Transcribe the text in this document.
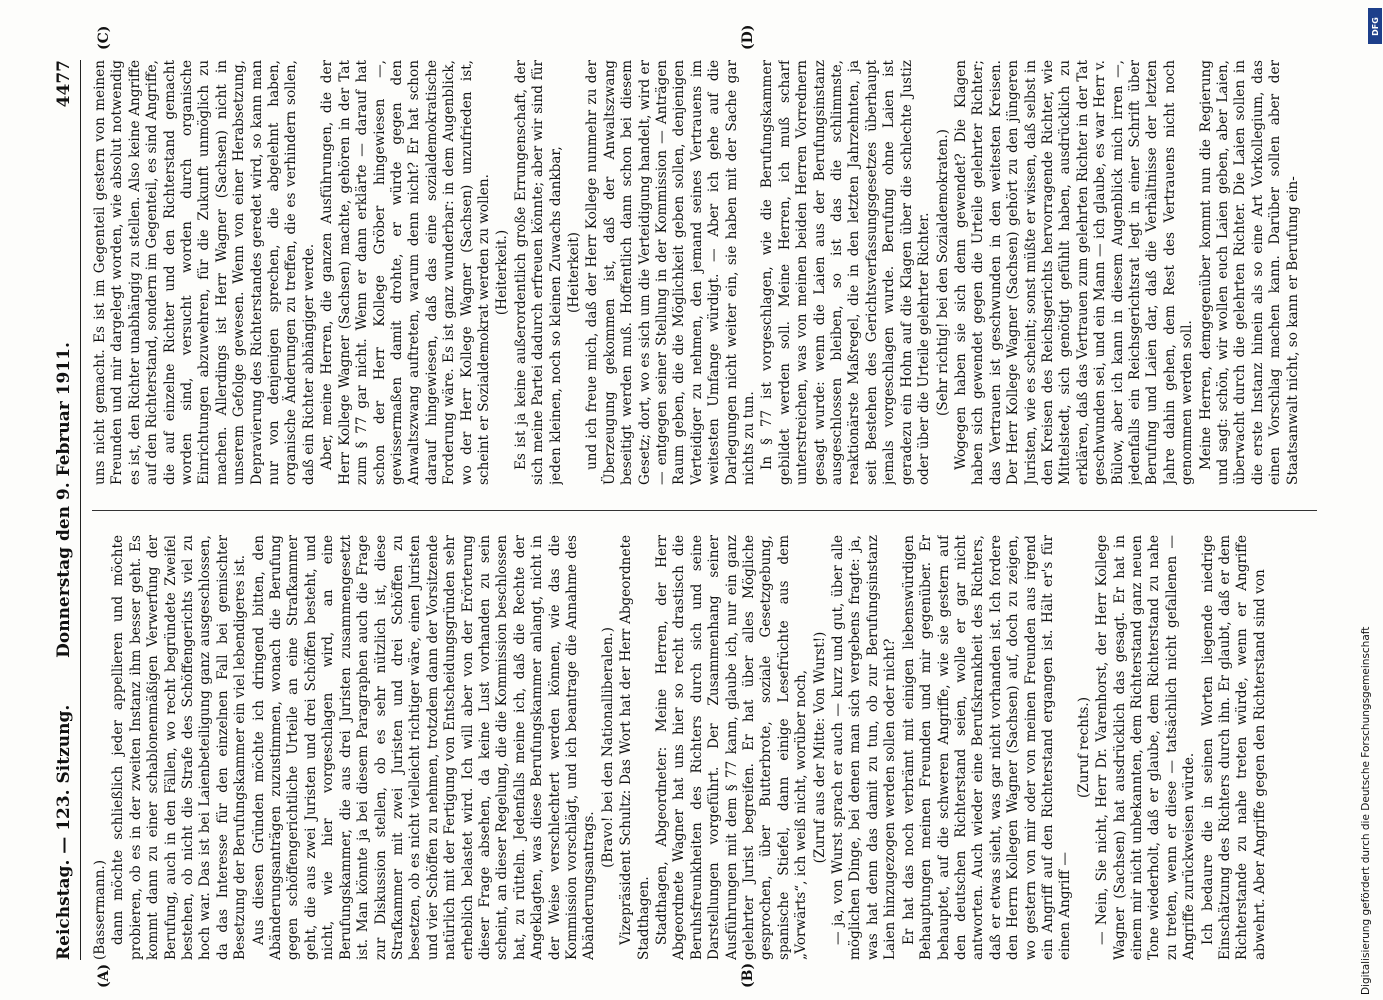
Reichstag. — 123. Sitzung.
Donnerstag den 9. Februar 1911.
4477
(A)	(B)
(C)	(D)

(Bassermann.) dann möchte schließlich jeder appellieren und möchte probieren, ob es in der zweiten Instanz ihm besser geht. Es kommt dann zu einer schablonenmäßigen Verwerfung der Berufung, auch in den Fällen, wo recht begründete Zweifel bestehen, ob nicht die Strafe des Schöffengerichts viel zu hoch war. Das ist bei Laienbeteiligung ganz ausgeschlossen, da das Interesse für den einzelnen Fall bei gemischter Besetzung der Berufungskammer ein viel lebendigeres ist. Aus diesen Gründen möchte ich dringend bitten, den Abänderungsanträgen zuzustimmen, wonach die Berufung gegen schöffengerichtliche Urteile an eine Strafkammer geht, die aus zwei Juristen und drei Schöffen besteht, und nicht, wie hier vorgeschlagen wird, an eine Berufungskammer, die aus drei Juristen zusammengesetzt ist. Man könnte ja bei diesem Paragraphen auch die Frage zur Diskussion stellen, ob es sehr nützlich ist, diese Strafkammer mit zwei Juristen und drei Schöffen zu besetzen, ob es nicht vielleicht richtiger wäre, einen Juristen und vier Schöffen zu nehmen, trotzdem dann der Vorsitzende natürlich mit der Fertigung von Entscheidungsgründen sehr erheblich belastet wird. Ich will aber von der Erörterung dieser Frage absehen, da keine Lust vorhanden zu sein scheint, an dieser Regelung, die die Kommission beschlossen hat, zu rütteln. Jedenfalls meine ich, daß die Rechte der Angeklagten, was diese Berufungskammer anlangt, nicht in der Weise verschlechtert werden können, wie das die Kommission vorschlägt, und ich beantrage die Annahme des Abänderungsantrags.

(Bravo! bei den Nationalliberalen.) Vizepräsident Schultz: Das Wort hat der Herr Abgeordnete Stadthagen. Stadthagen, Abgeordneter: Meine Herren, der Herr Abgeordnete Wagner hat uns hier so recht drastisch die Beruhsfreunkheiten des Richters durch sich und seine Darstellungen vorgeführt. Der Zusammenhang seiner Ausführungen mit dem § 77 kann, glaube ich, nur ein ganz gelehrter Jurist begreifen. Er hat über alles Mögliche gesprochen, über Butterbrote, soziale Gesetzgebung, spanische Stiefel, dann einige Lesefrüchte aus dem „Vorwärts“, ich weiß nicht, worüber noch, (Zuruf aus der Mitte: Von Wurst!) — ja, von Wurst sprach er auch — kurz und gut, über alle möglichen Dinge, bei denen man sich vergebens fragte: ja, was hat denn das damit zu tun, ob zur Berufungsinstanz Laien hinzugezogen werden sollen oder nicht? Er hat das noch verbrämt mit einigen liebenswürdigen Behauptungen meinen Freunden und mir gegenüber. Er behauptet, auf die schweren Angriffe, wie sie gestern auf den deutschen Richterstand seien, wolle er gar nicht antworten. Auch wieder eine Berufskrankheit des Richters, daß er etwas sieht, was gar nicht vorhanden ist. Ich fordere den Herrn Kollegen Wagner (Sachsen) auf, doch zu zeigen, wo gestern von mir oder von meinen Freunden aus irgend ein Angriff auf den Richterstand ergangen ist. Hält er's für einen Angriff —

(Zuruf rechts.) — Nein, Sie nicht, Herr Dr. Varenhorst, der Herr Kollege Wagner (Sachsen) hat ausdrücklich das gesagt. Er hat in einem mir nicht unbekannten, dem Richterstand ganz neuen Tone wiederholt, daß er glaube, dem Richterstand zu nahe zu treten, wenn er diese — tatsächlich nicht gefallenen — Angriffe zurückweisen würde. Ich bedaure die in seinen Worten liegende niedrige Einschätzung des Richters durch ihn. Er glaubt, daß er dem Richterstande zu nahe treten würde, wenn er Angriffe abwehrt. Aber Angriffe gegen den Richterstand sind von

uns nicht gemacht. Es ist im Gegenteil gestern von meinen Freunden und mir dargelegt worden, wie absolut notwendig es ist, den Richter unabhängig zu stellen. Also keine Angriffe auf den Richterstand, sondern im Gegenteil, es sind Angriffe, die auf einzelne Richter und den Richterstand gemacht worden sind, versucht worden durch organische Einrichtungen abzuwehren, für die Zukunft unmöglich zu machen. Allerdings ist Herr Wagner (Sachsen) nicht in unserem Gefolge gewesen. Wenn von einer Herabsetzung, Depravierung des Richterstandes geredet wird, so kann man nur von denjenigen sprechen, die abgelehnt haben, organische Änderungen zu treffen, die es verhindern sollen, daß ein Richter abhängiger werde. Aber, meine Herren, die ganzen Ausführungen, die der Herr Kollege Wagner (Sachsen) machte, gehören in der Tat zum § 77 gar nicht. Wenn er dann erklärte — darauf hat schon der Herr Kollege Gröber hingewiesen —, gewissermaßen damit drohte, er würde gegen den Anwaltszwang auftreten, warum denn nicht? Er hat schon darauf hingewiesen, daß das eine sozialdemokratische Forderung wäre. Es ist ganz wunderbar: in dem Augenblick, wo der Herr Kollege Wagner (Sachsen) unzufrieden ist, scheint er Sozialdemokrat werden zu wollen. (Heiterkeit.) Es ist ja keine außerordentlich große Errungenschaft, der sich meine Partei dadurch erfreuen könnte; aber wir sind für jeden kleinen, noch so kleinen Zuwachs dankbar, (Heiterkeit) und ich freue mich, daß der Herr Kollege nunmehr zu der Überzeugung gekommen ist, daß der Anwaltszwang beseitigt werden muß. Hoffentlich dann schon bei diesem Gesetz; dort, wo es sich um die Verteidigung handelt, wird er — entgegen seiner Stellung in der Kommission — Anträgen Raum geben, die die Möglichkeit geben sollen, denjenigen Verteidiger zu nehmen, den jemand seines Vertrauens im weitesten Umfange würdigt. — Aber ich gehe auf die Darlegungen nicht weiter ein, sie haben mit der Sache gar nichts zu tun. In § 77 ist vorgeschlagen, wie die Berufungskammer gebildet werden soll. Meine Herren, ich muß scharf unterstreichen, was von meinen beiden Herren Vorrednern gesagt wurde: wenn die Laien aus der Berufungsinstanz ausgeschlossen bleiben, so ist das die schlimmste, reaktionärste Maßregel, die in den letzten Jahrzehnten, ja seit Bestehen des Gerichtsverfassungsgesetzes überhaupt jemals vorgeschlagen wurde. Berufung ohne Laien ist geradezu ein Hohn auf die Klagen über die schlechte Justiz oder über die Urteile gelehrter Richter. (Sehr richtig! bei den Sozialdemokraten.) Wogegen haben sie sich denn gewendet? Die Klagen haben sich gewendet gegen die Urteile gelehrter Richter; das Vertrauen ist geschwunden in den weitesten Kreisen. Der Herr Kollege Wagner (Sachsen) gehört zu den jüngeren Juristen, wie es scheint; sonst müßte er wissen, daß selbst in den Kreisen des Reichsgerichts hervorragende Richter, wie Mittelstedt, sich genötigt gefühlt haben, ausdrücklich zu erklären, daß das Vertrauen zum gelehrten Richter in der Tat geschwunden sei, und ein Mann — ich glaube, es war Herr v. Bülow, aber ich kann in diesem Augenblick mich irren —, jedenfalls ein Reichsgerichtsrat legt in einer Schrift über Berufung und Laien dar, daß die Verhältnisse der letzten Jahre dahin gehen, dem Rest des Vertrauens nicht noch genommen werden soll. Meine Herren, demgegenüber kommt nun die Regierung und sagt: schön, wir wollen euch Laien geben, aber Laien, überwacht durch die gelehrten Richter. Die Laien sollen in die erste Instanz hinein als so eine Art Vorkollegium, das einen Vorschlag machen kann. Darüber sollen aber der Staatsanwalt nicht, so kann er Berufung ein-

Digitalisierung gefördert durch die Deutsche Forschungsgemeinschaft
DFG
